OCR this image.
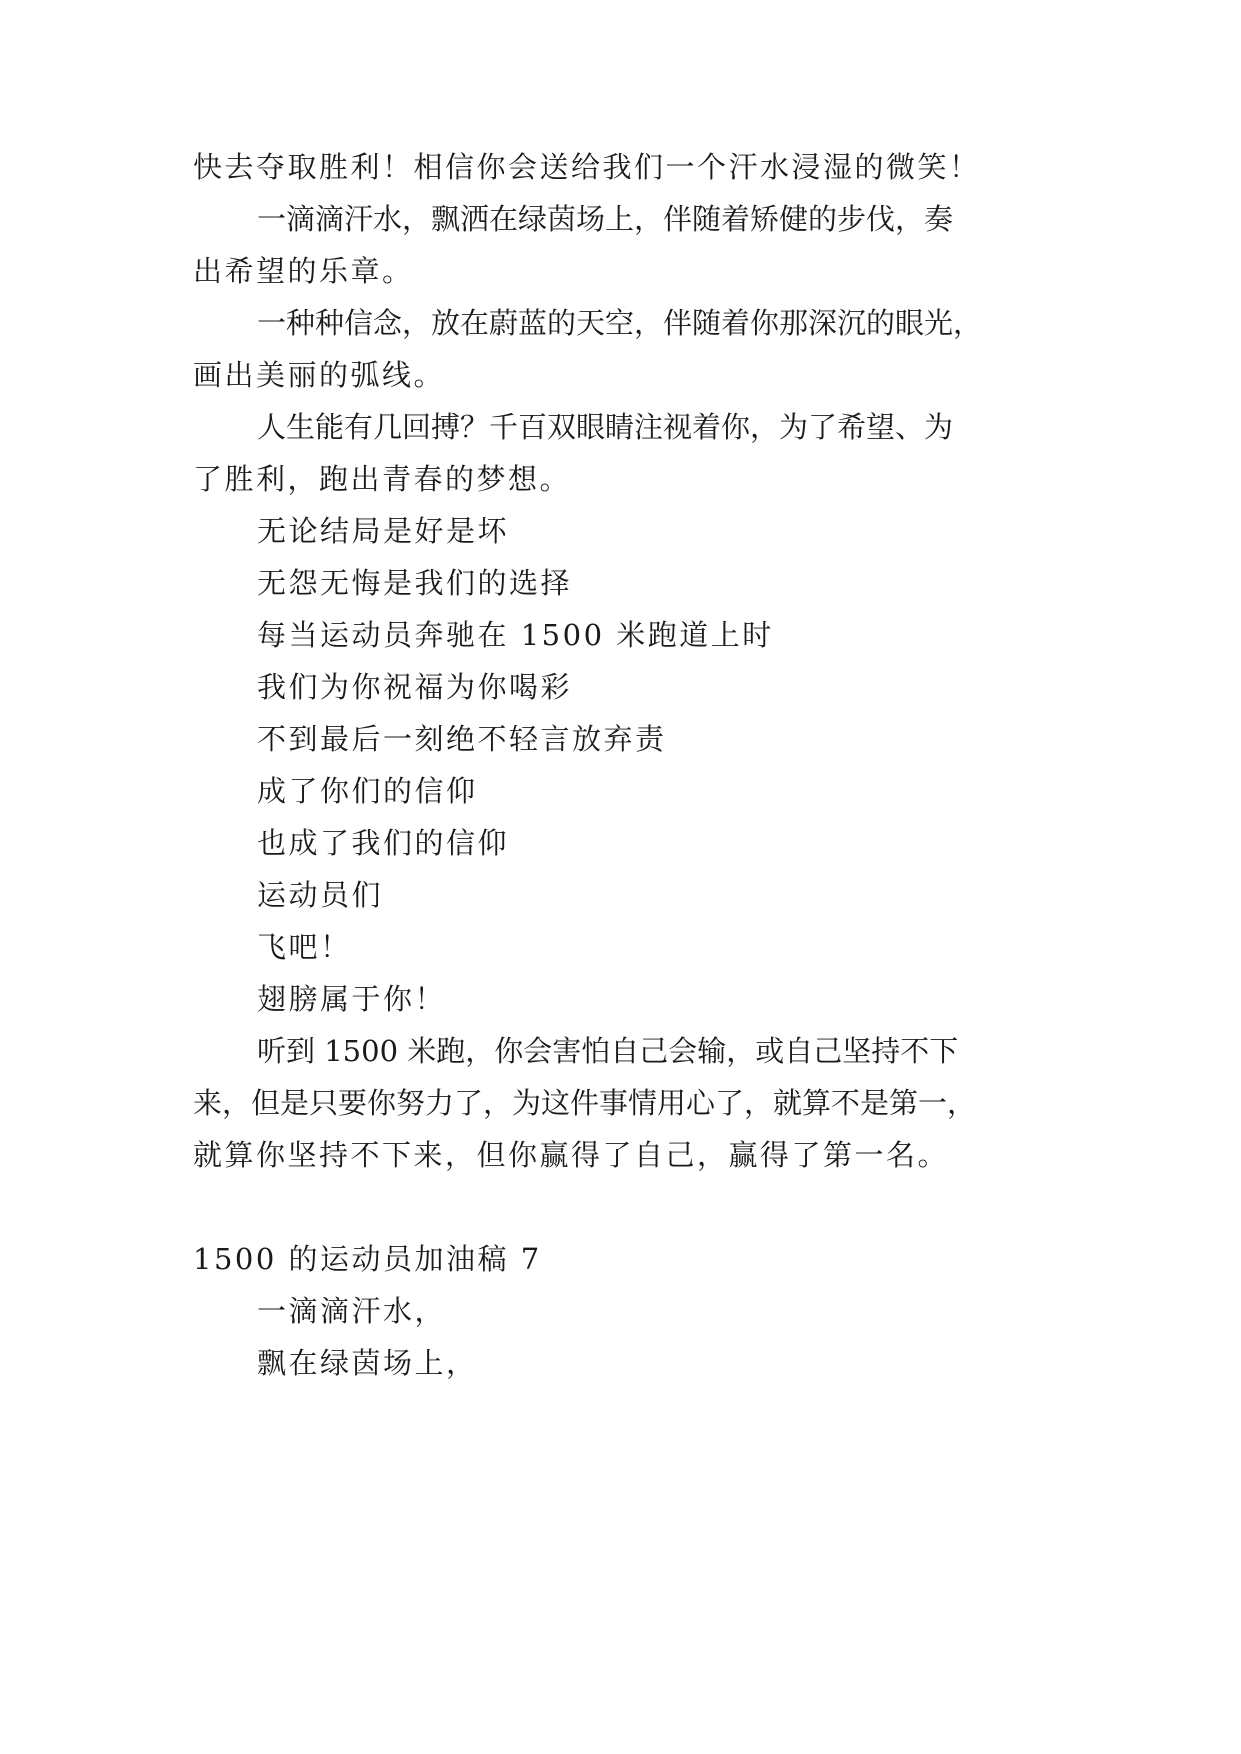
快去夺取胜利！相信你会送给我们一个汗水浸湿的微笑！
一滴滴汗水，飘洒在绿茵场上，伴随着矫健的步伐，奏
出希望的乐章。
一种种信念，放在蔚蓝的天空，伴随着你那深沉的眼光，
画出美丽的弧线。
人生能有几回搏？千百双眼睛注视着你，为了希望、为
了胜利，跑出青春的梦想。
无论结局是好是坏
无怨无悔是我们的选择
每当运动员奔驰在 1500 米跑道上时
我们为你祝福为你喝彩
不到最后一刻绝不轻言放弃责
成了你们的信仰
也成了我们的信仰
运动员们
飞吧！
翅膀属于你！
听到 1500 米跑，你会害怕自己会输，或自己坚持不下
来，但是只要你努力了，为这件事情用心了，就算不是第一，
就算你坚持不下来，但你赢得了自己，赢得了第一名。
1500 的运动员加油稿 7
一滴滴汗水，
飘在绿茵场上，
